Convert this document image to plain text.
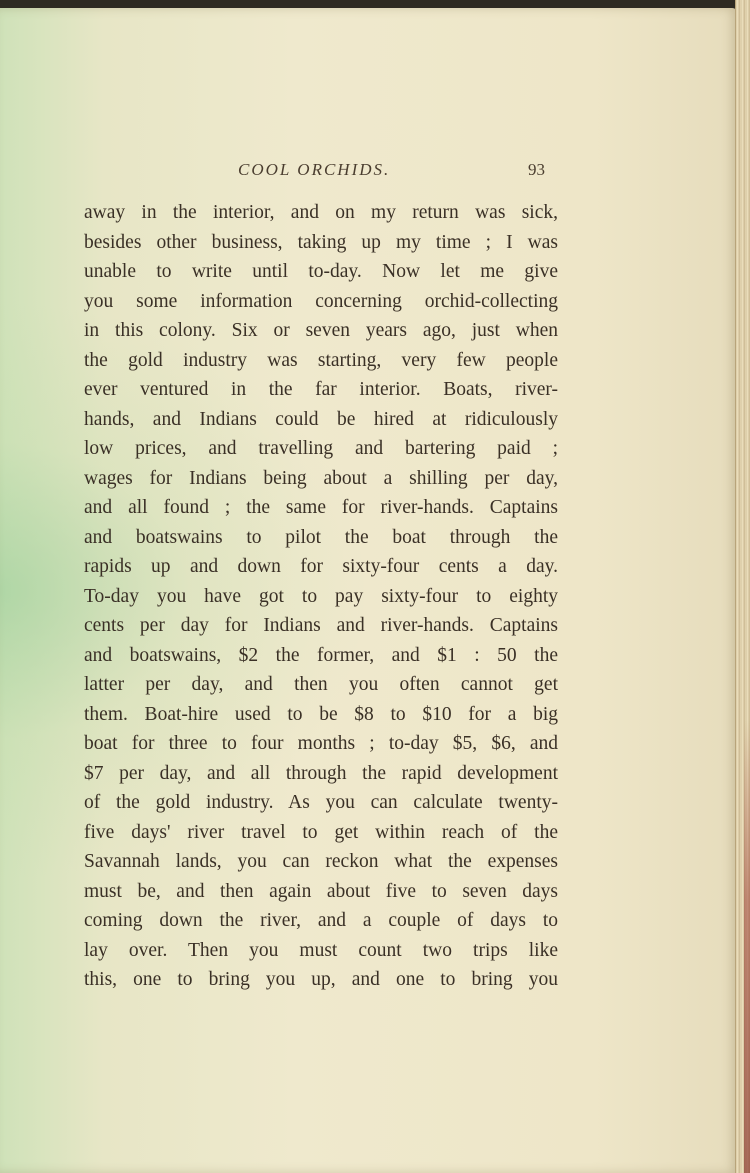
COOL ORCHIDS.	93
away in the interior, and on my return was sick,
besides other business, taking up my time ; I was
unable to write until to-day. Now let me give
you some information concerning orchid-collecting
in this colony. Six or seven years ago, just when
the gold industry was starting, very few people
ever ventured in the far interior. Boats, river-
hands, and Indians could be hired at ridiculously
low prices, and travelling and bartering paid ;
wages for Indians being about a shilling per day,
and all found ; the same for river-hands. Captains
and boatswains to pilot the boat through the
rapids up and down for sixty-four cents a day.
To-day you have got to pay sixty-four to eighty
cents per day for Indians and river-hands. Captains
and boatswains, $2 the former, and $1 : 50 the
latter per day, and then you often cannot get
them. Boat-hire used to be $8 to $10 for a big
boat for three to four months ; to-day $5, $6, and
$7 per day, and all through the rapid development
of the gold industry. As you can calculate twenty-
five days' river travel to get within reach of the
Savannah lands, you can reckon what the expenses
must be, and then again about five to seven days
coming down the river, and a couple of days to
lay over. Then you must count two trips like
this, one to bring you up, and one to bring you
